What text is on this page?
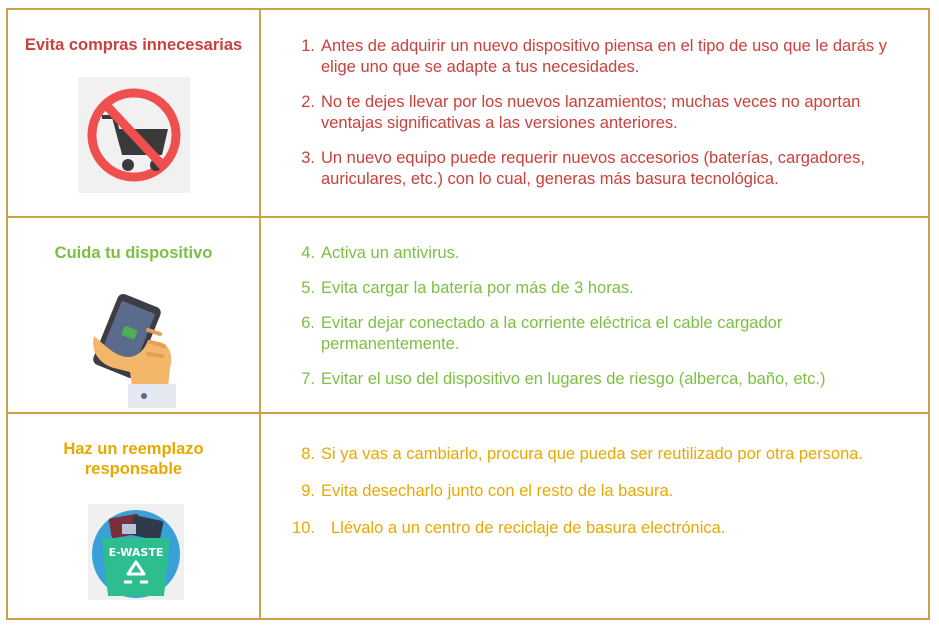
Evita compras innecesarias	1. Antes de adquirir un nuevo dispositivo piensa en el tipo de uso que le darás y elige uno que se adapte a tus necesidades.
2. No te dejes llevar por los nuevos lanzamientos; muchas veces no aportan ventajas significativas a las versiones anteriores.
3. Un nuevo equipo puede requerir nuevos accesorios (baterías, cargadores, auriculares, etc.) con lo cual, generas más basura tecnológica.
Cuida tu dispositivo	4. Activa un antivirus.
5. Evita cargar la batería por más de 3 horas.
6. Evitar dejar conectado a la corriente eléctrica el cable cargador permanentemente.
7. Evitar el uso del dispositivo en lugares de riesgo (alberca, baño, etc.)
Haz un reemplazo responsable
E-WASTE
8. Si ya vas a cambiarlo, procura que pueda ser reutilizado por otra persona.
9. Evita desecharlo junto con el resto de la basura.
10. Llévalo a un centro de reciclaje de basura electrónica.
